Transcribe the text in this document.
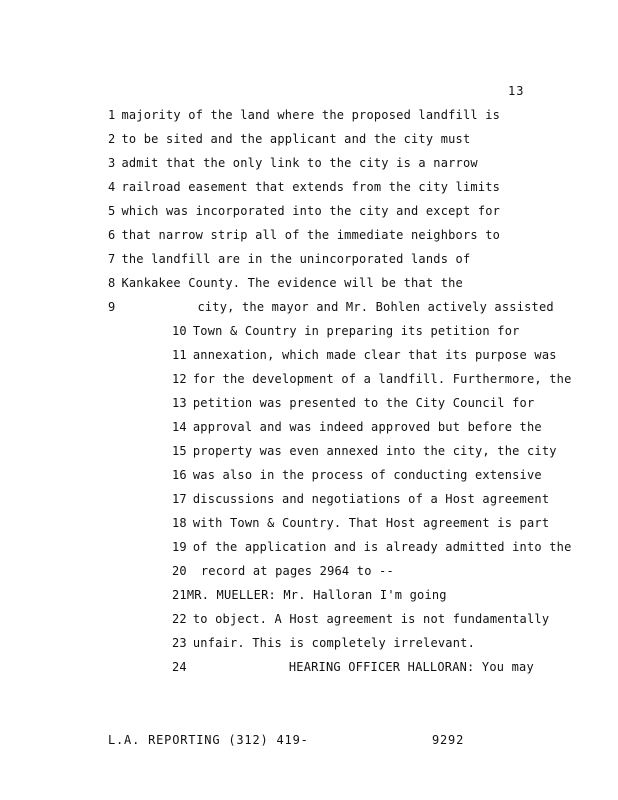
13
1 majority of the land where the proposed landfill is
2 to be sited and the applicant and the city must
3 admit that the only link to the city is a narrow
4 railroad easement that extends from the city limits
5 which was incorporated into the city and except for
6 that narrow strip all of the immediate neighbors to
7 the landfill are in the unincorporated lands of
8 Kankakee County. The evidence will be that the
9	city, the mayor and Mr. Bohlen actively assisted
10 Town & Country in preparing its petition for
11 annexation, which made clear that its purpose was
12 for the development of a landfill. Furthermore, the
13 petition was presented to the City Council for
14 approval and was indeed approved but before the
15 property was even annexed into the city, the city
16 was also in the process of conducting extensive
17 discussions and negotiations of a Host agreement
18 with Town & Country. That Host agreement is part
19 of the application and is already admitted into the
20 record at pages 2964 to --
21MR. MUELLER: Mr. Halloran I'm going
22 to object. A Host agreement is not fundamentally
23 unfair. This is completely irrelevant.
24	HEARING OFFICER HALLORAN: You may
L.A. REPORTING (312) 419-	9292
